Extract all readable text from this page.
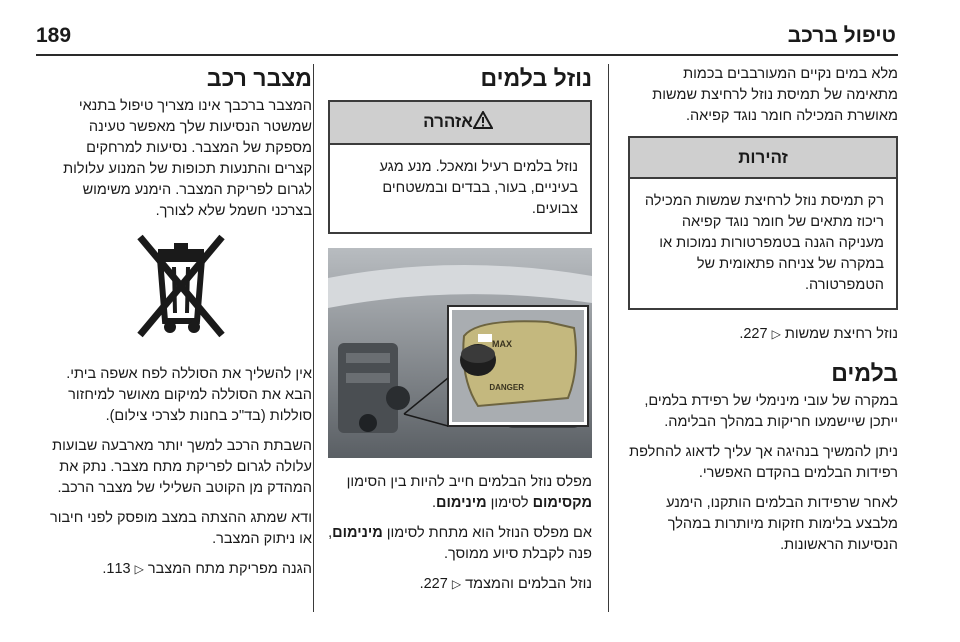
189	טיפול ברכב

מלא במים נקיים המעורבבים בכמות מתאימה של תמיסת נוזל לרחיצת שמשות מאושרת המכילה חומר נוגד קפיאה.

זהירות
רק תמיסת נוזל לרחיצת שמשות המכילה ריכוז מתאים של חומר נוגד קפיאה מעניקה הגנה בטמפרטורות נמוכות או במקרה של צניחה פתאומית של הטמפרטורה.

נוזל רחיצת שמשות ▷ 227.

בלמים

במקרה של עובי מינימלי של רפידת בלמים, ייתכן שיישמעו חריקות במהלך הבלימה.

ניתן להמשיך בנהיגה אך עליך לדאוג להחלפת רפידות הבלמים בהקדם האפשרי.

לאחר שרפידות הבלמים הותקנו, הימנע מלבצע בלימות חזקות מיותרות במהלך הנסיעות הראשונות.

נוזל בלמים
אזהרה
נוזל בלמים רעיל ומאכל. מנע מגע בעיניים, בעור, בבדים ובמשטחים צבועים.
MAX
DANGER

מפלס נוזל הבלמים חייב להיות בין הסימון מקסימום לסימון מינימום.

אם מפלס הנוזל הוא מתחת לסימון מינימום, פנה לקבלת סיוע ממוסך.

נוזל הבלמים והמצמד ▷ 227.

מצבר רכב

המצבר ברכבך אינו מצריך טיפול בתנאי שמשטר הנסיעות שלך מאפשר טעינה מספקת של המצבר. נסיעות למרחקים קצרים והתנעות תכופות של המנוע עלולות לגרום לפריקת המצבר. הימנע משימוש בצרכני חשמל שלא לצורך.

אין להשליך את הסוללה לפח אשפה ביתי. הבא את הסוללה למיקום מאושר למיחזור סוללות (בד"כ בחנות לצרכי צילום).

השבתת הרכב למשך יותר מארבעה שבועות עלולה לגרום לפריקת מתח מצבר. נתק את המהדק מן הקוטב השלילי של מצבר הרכב.

ודא שמתג ההצתה במצב מופסק לפני חיבור או ניתוק המצבר.

הגנה מפריקת מתח המצבר ▷ 113.
